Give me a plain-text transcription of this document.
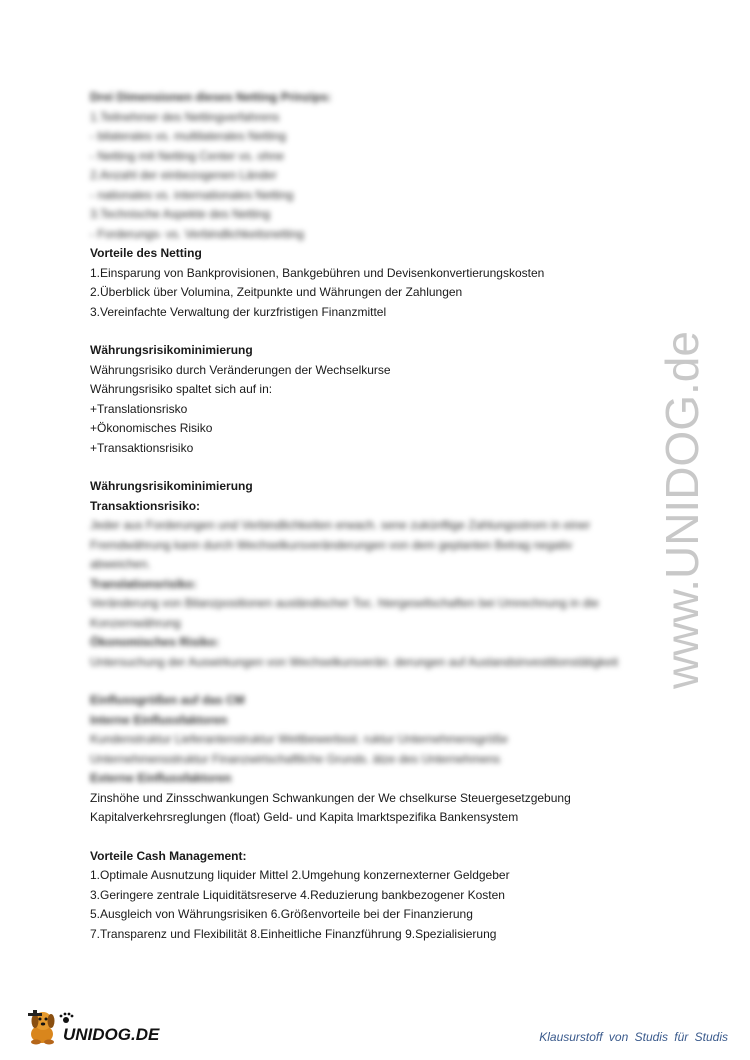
Drei Dimensionen dieses Netting Prinzips:
1.Teilnehmer des Nettingverfahrens
- bilaterales vs. multilaterales Netting
- Netting mit Netting Center vs. ohne
2.Anzahl der einbezogenen Länder
- nationales vs. internationales Netting
3.Technische Aspekte des Netting
- Forderungs- vs. Verbindlichkeitsnetting
Vorteile des Netting
1.Einsparung von Bankprovisionen, Bankgebühren und Devisenkonvertierungskosten
2.Überblick über Volumina, Zeitpunkte und Währungen der Zahlungen
3.Vereinfachte Verwaltung der kurzfristigen Finanzmittel
Währungsrisikominimierung
Währungsrisiko durch Veränderungen der Wechselkurse
Währungsrisiko spaltet sich auf in:
+Translationsrisko
+Ökonomisches Risiko
+Transaktionsrisiko
Währungsrisikominimierung
Transaktionsrisiko:
Jeder aus Forderungen und Verbindlichkeiten erwach. sene zukünftige Zahlungsstrom in einer
Fremdwährung kann durch Wechselkursveränderungen von dem geplanten Betrag negativ
abweichen.
Translationsrisiko:
Veränderung von Bilanzpositionen ausländischer Toc. htergesellschaften bei Umrechnung in die
Konzernwährung
Ökonomisches Risiko:
Untersuchung der Auswirkungen von Wechselkursverän. derungen auf Auslandsinvestitionstätigkeit
Einflussgrößen auf das CM
Interne Einflussfaktoren
Kundenstruktur Lieferantenstruktur Wettbewerbsst. ruktur Unternehmensgröße
Unternehmensstruktur Finanzwirtschaftliche Grunds. ätze des Unternehmens
Externe Einflussfaktoren
Zinshöhe und Zinsschwankungen Schwankungen der We chselkurse Steuergesetzgebung
Kapitalverkehrsreglungen (float) Geld- und Kapita lmarktspezifika Bankensystem
Vorteile Cash Management:
1.Optimale Ausnutzung liquider Mittel 2.Umgehung konzernexterner Geldgeber
3.Geringere zentrale Liquiditätsreserve 4.Reduzierung bankbezogener Kosten
5.Ausgleich von Währungsrisiken 6.Größenvorteile bei der Finanzierung
7.Transparenz und Flexibilität 8.Einheitliche Finanzführung 9.Spezialisierung
www.UNIDOG.de
UNIDOG.DE	Klausurstoff von Studis für Studis
